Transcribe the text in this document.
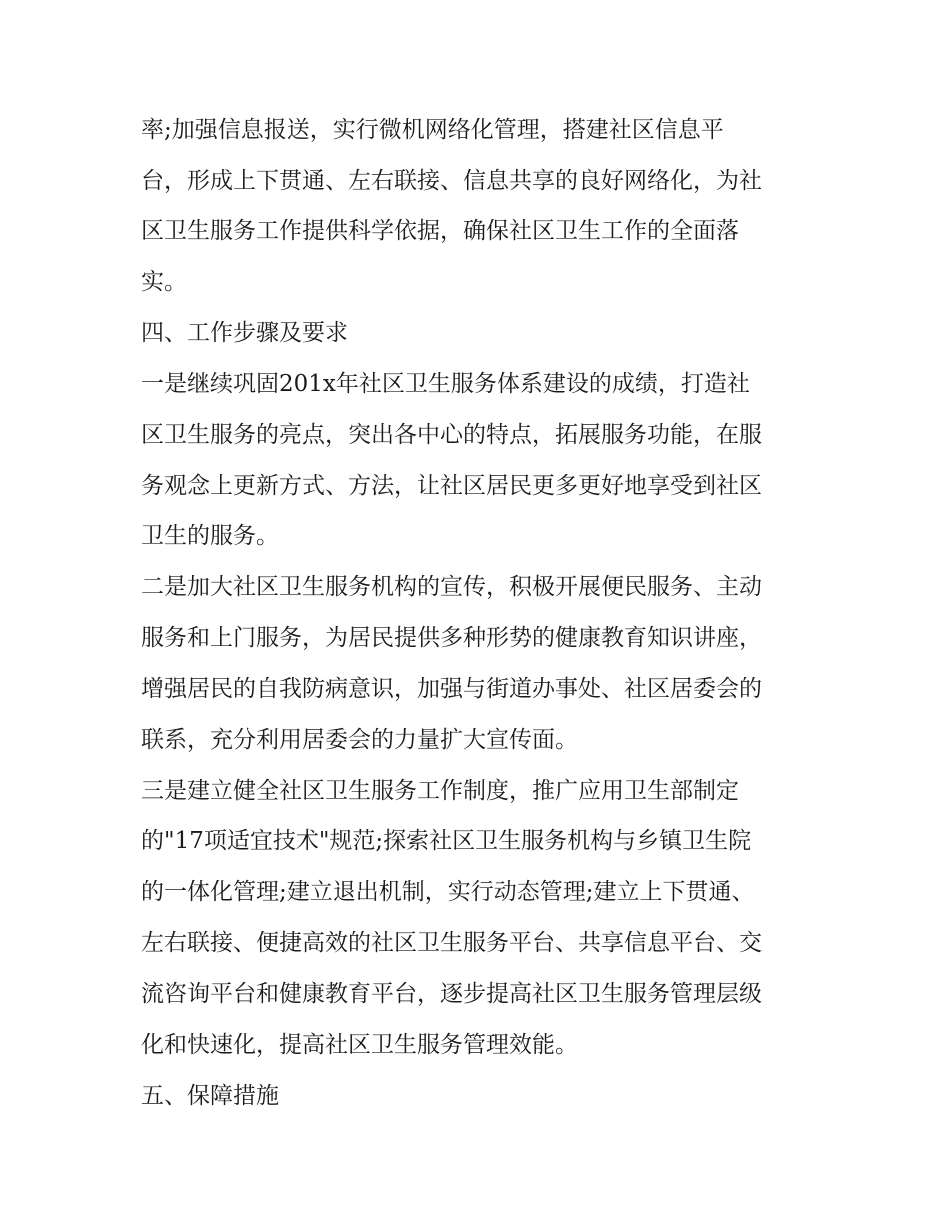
率;加强信息报送，实行微机网络化管理，搭建社区信息平

台，形成上下贯通、左右联接、信息共享的良好网络化，为社

区卫生服务工作提供科学依据，确保社区卫生工作的全面落

实。

四、工作步骤及要求

一是继续巩固201x年社区卫生服务体系建设的成绩，打造社

区卫生服务的亮点，突出各中心的特点，拓展服务功能，在服

务观念上更新方式、方法，让社区居民更多更好地享受到社区

卫生的服务。

二是加大社区卫生服务机构的宣传，积极开展便民服务、主动

服务和上门服务，为居民提供多种形势的健康教育知识讲座，

增强居民的自我防病意识，加强与街道办事处、社区居委会的

联系，充分利用居委会的力量扩大宣传面。

三是建立健全社区卫生服务工作制度，推广应用卫生部制定

的"17项适宜技术"规范;探索社区卫生服务机构与乡镇卫生院

的一体化管理;建立退出机制，实行动态管理;建立上下贯通、

左右联接、便捷高效的社区卫生服务平台、共享信息平台、交

流咨询平台和健康教育平台，逐步提高社区卫生服务管理层级

化和快速化，提高社区卫生服务管理效能。

五、保障措施
